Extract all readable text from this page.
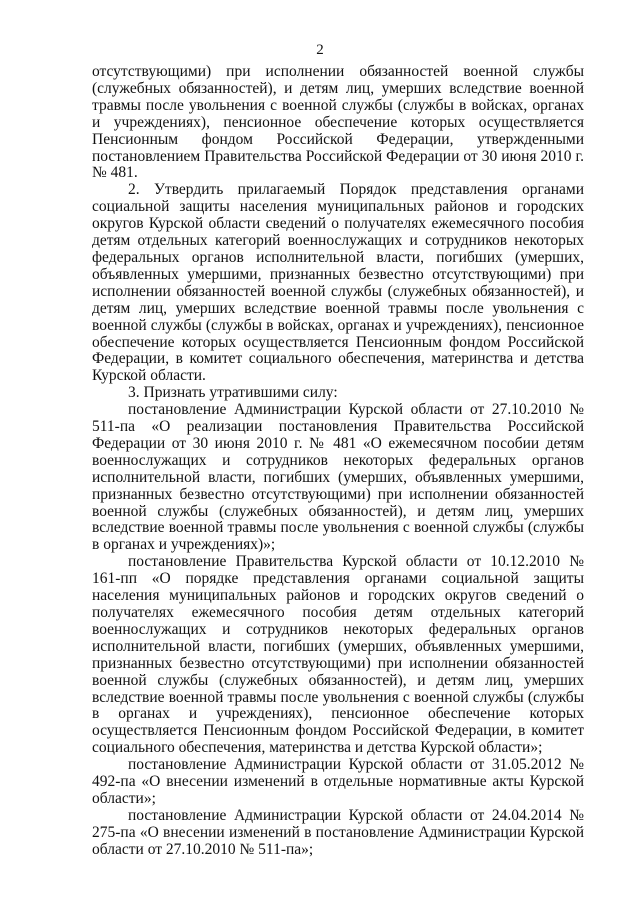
2

отсутствующими) при исполнении обязанностей военной службы (служебных обязанностей), и детям лиц, умерших вследствие военной травмы после увольнения с военной службы (службы в войсках, органах и учреждениях), пенсионное обеспечение которых осуществляется Пенсионным фондом Российской Федерации, утвержденными постановлением Правительства Российской Федерации от 30 июня 2010 г. № 481.

2. Утвердить прилагаемый Порядок представления органами социальной защиты населения муниципальных районов и городских округов Курской области сведений о получателях ежемесячного пособия детям отдельных категорий военнослужащих и сотрудников некоторых федеральных органов исполнительной власти, погибших (умерших, объявленных умершими, признанных безвестно отсутствующими) при исполнении обязанностей военной службы (служебных обязанностей), и детям лиц, умерших вследствие военной травмы после увольнения с военной службы (службы в войсках, органах и учреждениях), пенсионное обеспечение которых осуществляется Пенсионным фондом Российской Федерации, в комитет социального обеспечения, материнства и детства Курской области.

3. Признать утратившими силу:

постановление Администрации Курской области от 27.10.2010 № 511-па «О реализации постановления Правительства Российской Федерации от 30 июня 2010 г. № 481 «О ежемесячном пособии детям военнослужащих и сотрудников некоторых федеральных органов исполнительной власти, погибших (умерших, объявленных умершими, признанных безвестно отсутствующими) при исполнении обязанностей военной службы (служебных обязанностей), и детям лиц, умерших вследствие военной травмы после увольнения с военной службы (службы в органах и учреждениях)»;

постановление Правительства Курской области от 10.12.2010 № 161-пп «О порядке представления органами социальной защиты населения муниципальных районов и городских округов сведений о получателях ежемесячного пособия детям отдельных категорий военнослужащих и сотрудников некоторых федеральных органов исполнительной власти, погибших (умерших, объявленных умершими, признанных безвестно отсутствующими) при исполнении обязанностей военной службы (служебных обязанностей), и детям лиц, умерших вследствие военной травмы после увольнения с военной службы (службы в органах и учреждениях), пенсионное обеспечение которых осуществляется Пенсионным фондом Российской Федерации, в комитет социального обеспечения, материнства и детства Курской области»;

постановление Администрации Курской области от 31.05.2012 № 492-па «О внесении изменений в отдельные нормативные акты Курской области»;

постановление Администрации Курской области от 24.04.2014 № 275-па «О внесении изменений в постановление Администрации Курской области от 27.10.2010 № 511-па»;
